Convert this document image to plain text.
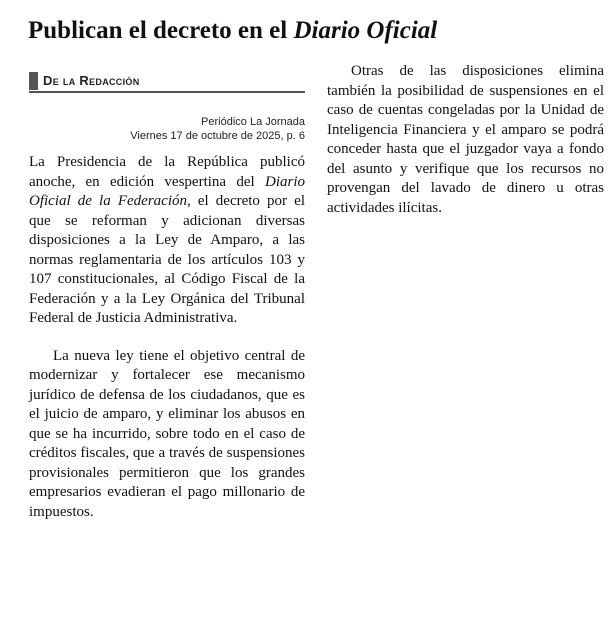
Publican el decreto en el Diario Oficial
De la Redacción
Periódico La Jornada
Viernes 17 de octubre de 2025, p. 6

La Presidencia de la República publicó anoche, en edición vespertina del Diario Oficial de la Federación, el decreto por el que se reforman y adicionan diversas disposiciones a la Ley de Amparo, a las normas reglamentaria de los artículos 103 y 107 constitucionales, al Código Fiscal de la Federación y a la Ley Orgánica del Tribunal Federal de Justicia Administrativa.

La nueva ley tiene el objetivo central de modernizar y fortalecer ese mecanismo jurídico de defensa de los ciudadanos, que es el juicio de amparo, y eliminar los abusos en que se ha incurrido, sobre todo en el caso de créditos fiscales, que a través de suspensiones provisionales permitieron que los grandes empresarios evadieran el pago millonario de impuestos.

Otras de las disposiciones elimina también la posibilidad de suspensiones en el caso de cuentas congeladas por la Unidad de Inteligencia Financiera y el amparo se podrá conceder hasta que el juzgador vaya a fondo del asunto y verifique que los recursos no provengan del lavado de dinero u otras actividades ilícitas.
